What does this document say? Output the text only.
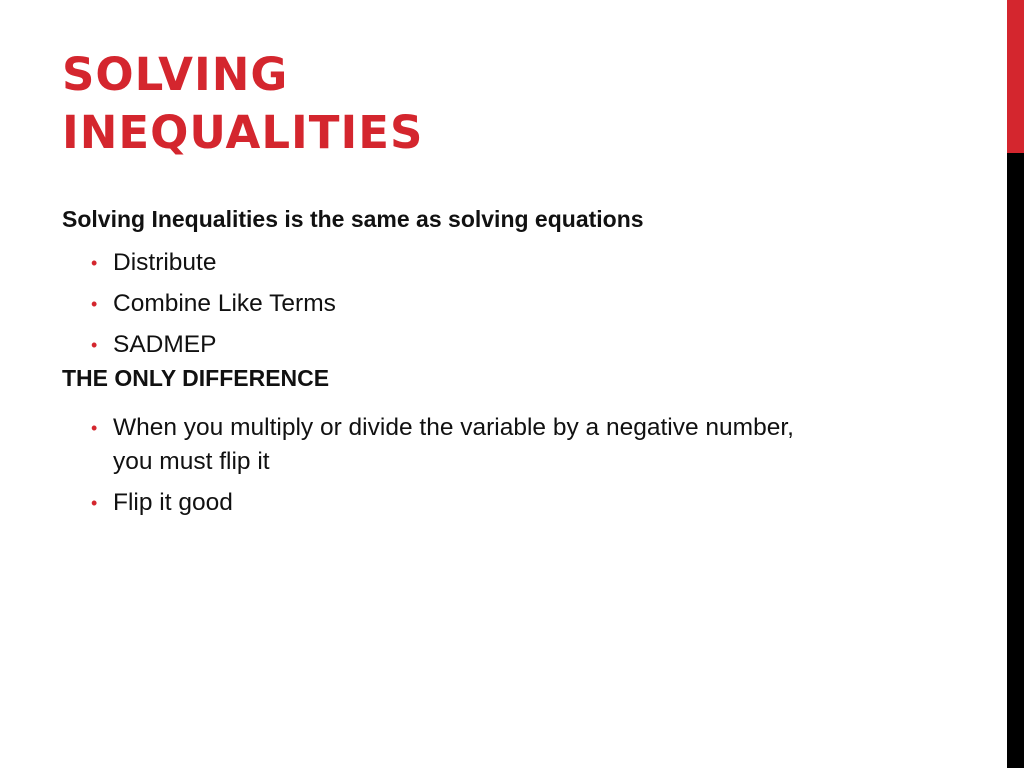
SOLVING
INEQUALITIES

Solving Inequalities is the same as solving equations

• Distribute
• Combine Like Terms
• SADMEP

THE ONLY DIFFERENCE

• When you multiply or divide the variable by a negative number, you must flip it
• Flip it good
